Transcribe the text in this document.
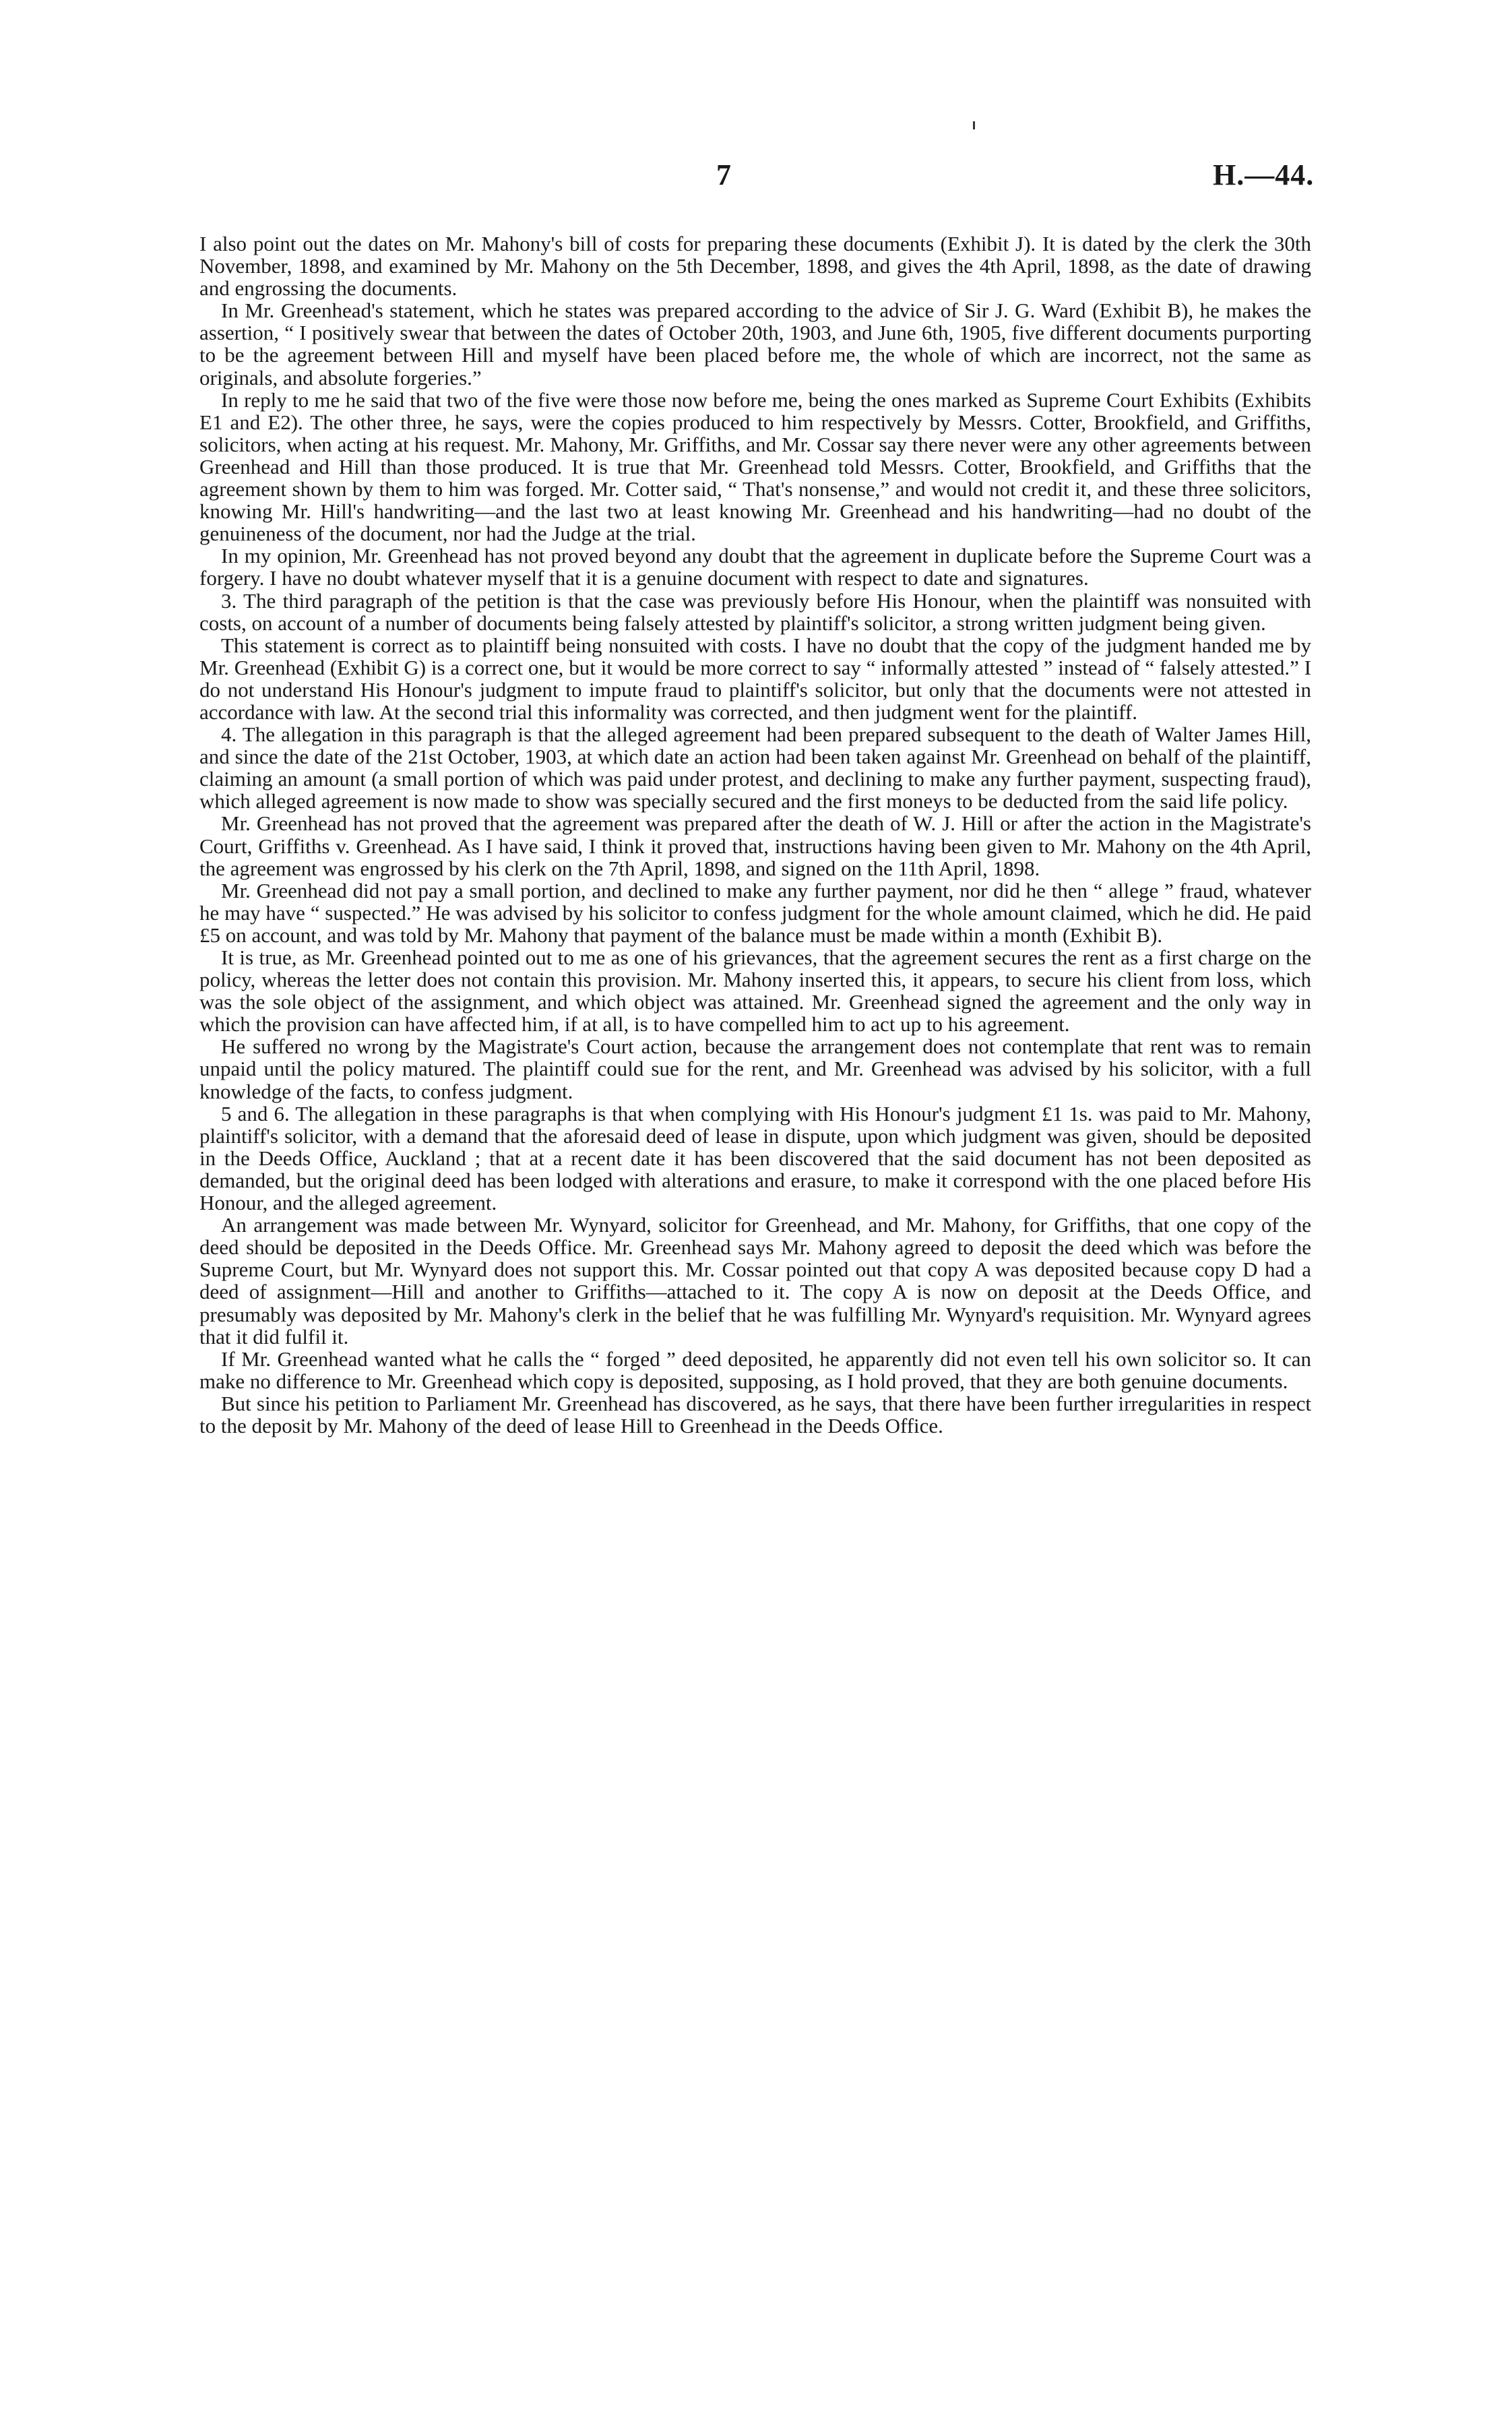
7	H.—44.

I also point out the dates on Mr. Mahony's bill of costs for preparing these documents (Exhibit J). It is dated by the clerk the 30th November, 1898, and examined by Mr. Mahony on the 5th December, 1898, and gives the 4th April, 1898, as the date of drawing and engrossing the documents.

In Mr. Greenhead's statement, which he states was prepared according to the advice of Sir J. G. Ward (Exhibit B), he makes the assertion, “ I positively swear that between the dates of October 20th, 1903, and June 6th, 1905, five different documents purporting to be the agreement between Hill and myself have been placed before me, the whole of which are incorrect, not the same as originals, and absolute forgeries.”

In reply to me he said that two of the five were those now before me, being the ones marked as Supreme Court Exhibits (Exhibits E1 and E2). The other three, he says, were the copies produced to him respectively by Messrs. Cotter, Brookfield, and Griffiths, solicitors, when acting at his request. Mr. Mahony, Mr. Griffiths, and Mr. Cossar say there never were any other agreements between Greenhead and Hill than those produced. It is true that Mr. Greenhead told Messrs. Cotter, Brookfield, and Griffiths that the agreement shown by them to him was forged. Mr. Cotter said, “ That's nonsense,” and would not credit it, and these three solicitors, knowing Mr. Hill's handwriting—and the last two at least knowing Mr. Greenhead and his handwriting—had no doubt of the genuineness of the document, nor had the Judge at the trial.

In my opinion, Mr. Greenhead has not proved beyond any doubt that the agreement in duplicate before the Supreme Court was a forgery. I have no doubt whatever myself that it is a genuine document with respect to date and signatures.

3. The third paragraph of the petition is that the case was previously before His Honour, when the plaintiff was nonsuited with costs, on account of a number of documents being falsely attested by plaintiff's solicitor, a strong written judgment being given.

This statement is correct as to plaintiff being nonsuited with costs. I have no doubt that the copy of the judgment handed me by Mr. Greenhead (Exhibit G) is a correct one, but it would be more correct to say “ informally attested ” instead of “ falsely attested.” I do not understand His Honour's judgment to impute fraud to plaintiff's solicitor, but only that the documents were not attested in accordance with law. At the second trial this informality was corrected, and then judgment went for the plaintiff.

4. The allegation in this paragraph is that the alleged agreement had been prepared subsequent to the death of Walter James Hill, and since the date of the 21st October, 1903, at which date an action had been taken against Mr. Greenhead on behalf of the plaintiff, claiming an amount (a small portion of which was paid under protest, and declining to make any further payment, suspecting fraud), which alleged agreement is now made to show was specially secured and the first moneys to be deducted from the said life policy.

Mr. Greenhead has not proved that the agreement was prepared after the death of W. J. Hill or after the action in the Magistrate's Court, Griffiths v. Greenhead. As I have said, I think it proved that, instructions having been given to Mr. Mahony on the 4th April, the agreement was engrossed by his clerk on the 7th April, 1898, and signed on the 11th April, 1898.

Mr. Greenhead did not pay a small portion, and declined to make any further payment, nor did he then “ allege ” fraud, whatever he may have “ suspected.” He was advised by his solicitor to confess judgment for the whole amount claimed, which he did. He paid £5 on account, and was told by Mr. Mahony that payment of the balance must be made within a month (Exhibit B).

It is true, as Mr. Greenhead pointed out to me as one of his grievances, that the agreement secures the rent as a first charge on the policy, whereas the letter does not contain this provision. Mr. Mahony inserted this, it appears, to secure his client from loss, which was the sole object of the assignment, and which object was attained. Mr. Greenhead signed the agreement and the only way in which the provision can have affected him, if at all, is to have compelled him to act up to his agreement.

He suffered no wrong by the Magistrate's Court action, because the arrangement does not contemplate that rent was to remain unpaid until the policy matured. The plaintiff could sue for the rent, and Mr. Greenhead was advised by his solicitor, with a full knowledge of the facts, to confess judgment.

5 and 6. The allegation in these paragraphs is that when complying with His Honour's judgment £1 1s. was paid to Mr. Mahony, plaintiff's solicitor, with a demand that the aforesaid deed of lease in dispute, upon which judgment was given, should be deposited in the Deeds Office, Auckland ; that at a recent date it has been discovered that the said document has not been deposited as demanded, but the original deed has been lodged with alterations and erasure, to make it correspond with the one placed before His Honour, and the alleged agreement.

An arrangement was made between Mr. Wynyard, solicitor for Greenhead, and Mr. Mahony, for Griffiths, that one copy of the deed should be deposited in the Deeds Office. Mr. Greenhead says Mr. Mahony agreed to deposit the deed which was before the Supreme Court, but Mr. Wynyard does not support this. Mr. Cossar pointed out that copy A was deposited because copy D had a deed of assignment—Hill and another to Griffiths—attached to it. The copy A is now on deposit at the Deeds Office, and presumably was deposited by Mr. Mahony's clerk in the belief that he was fulfilling Mr. Wynyard's requisition. Mr. Wynyard agrees that it did fulfil it.

If Mr. Greenhead wanted what he calls the “ forged ” deed deposited, he apparently did not even tell his own solicitor so. It can make no difference to Mr. Greenhead which copy is deposited, supposing, as I hold proved, that they are both genuine documents.

But since his petition to Parliament Mr. Greenhead has discovered, as he says, that there have been further irregularities in respect to the deposit by Mr. Mahony of the deed of lease Hill to Greenhead in the Deeds Office.
